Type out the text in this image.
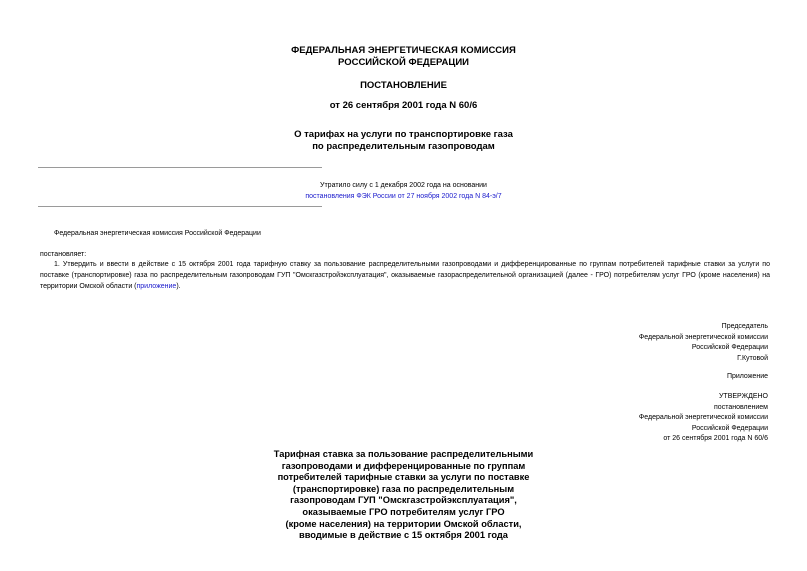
ФЕДЕРАЛЬНАЯ ЭНЕРГЕТИЧЕСКАЯ КОМИССИЯ
РОССИЙСКОЙ ФЕДЕРАЦИИ
ПОСТАНОВЛЕНИЕ
от 26 сентября 2001 года N 60/6
О тарифах на услуги по транспортировке газа
по распределительным газопроводам
Утратило силу с 1 декабря 2002 года на основании
постановления ФЭК России от 27 ноября 2002 года N 84-э/7
Федеральная энергетическая комиссия Российской Федерации
постановляет:
1. Утвердить и ввести в действие с 15 октября 2001 года тарифную ставку за пользование распределительными газопроводами и дифференцированные по группам потребителей тарифные ставки за услуги по поставке (транспортировке) газа по распределительным газопроводам ГУП "Омскгазстройэксплуатация", оказываемые газораспределительной организацией (далее - ГРО) потребителям услуг ГРО (кроме населения) на территории Омской области (приложение).
Председатель
Федеральной энергетической комиссии
Российской Федерации
Г.Кутовой
Приложение
УТВЕРЖДЕНО
постановлением
Федеральной энергетической комиссии
Российской Федерации
от 26 сентября 2001 года N 60/6
Тарифная ставка за пользование распределительными
газопроводами и дифференцированные по группам
потребителей тарифные ставки за услуги по поставке
(транспортировке) газа по распределительным
газопроводам ГУП "Омскгазстройэксплуатация",
оказываемые ГРО потребителям услуг ГРО
(кроме населения) на территории Омской области,
вводимые в действие с 15 октября 2001 года
